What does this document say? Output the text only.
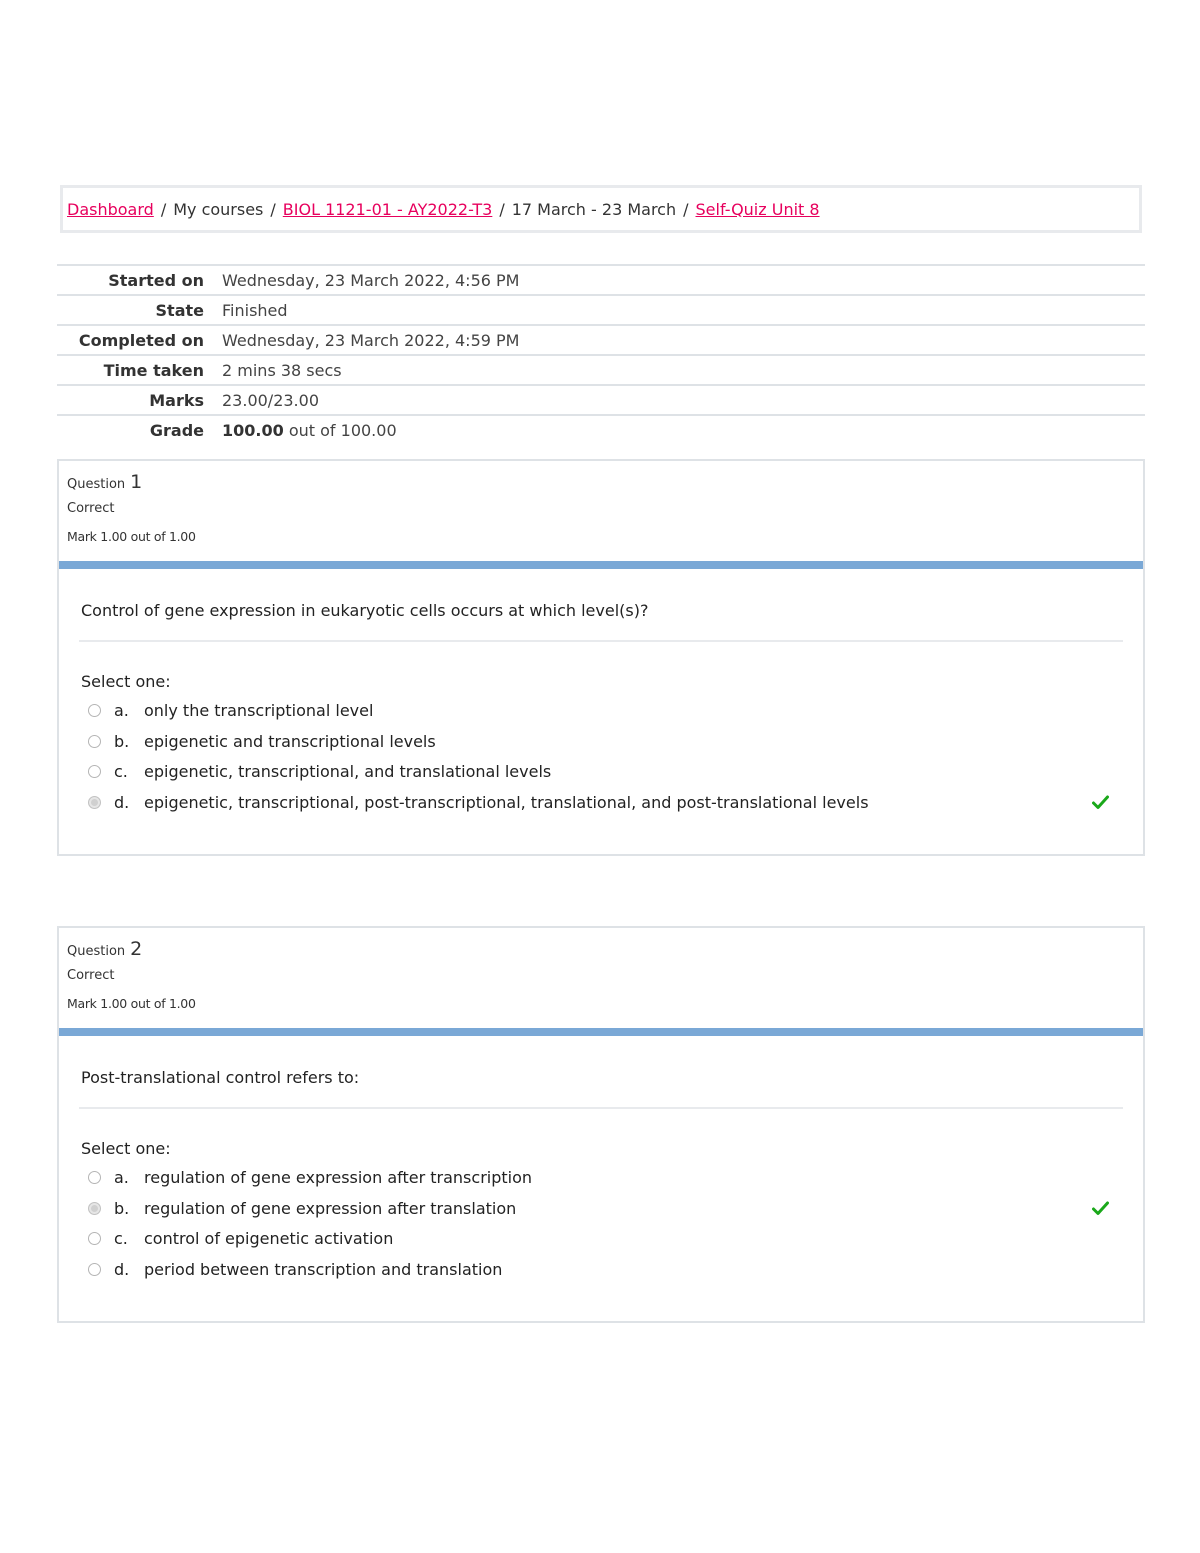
Dashboard / My courses / BIOL 1121-01 - AY2022-T3 / 17 March - 23 March / Self-Quiz Unit 8
Started on	Wednesday, 23 March 2022, 4:56 PM
State	Finished
Completed on	Wednesday, 23 March 2022, 4:59 PM
Time taken	2 mins 38 secs
Marks	23.00/23.00
Grade	100.00 out of 100.00
Question 1
Correct
Mark 1.00 out of 1.00
Control of gene expression in eukaryotic cells occurs at which level(s)?
Select one:
a. only the transcriptional level
b. epigenetic and transcriptional levels
c.	epigenetic, transcriptional, and translational levels
d. epigenetic, transcriptional, post-transcriptional, translational, and post-translational levels
Question 2
Correct
Mark 1.00 out of 1.00
Post-translational control refers to:
Select one:
a. regulation of gene expression after transcription
b. regulation of gene expression after translation
c.	control of epigenetic activation
d. period between transcription and translation
